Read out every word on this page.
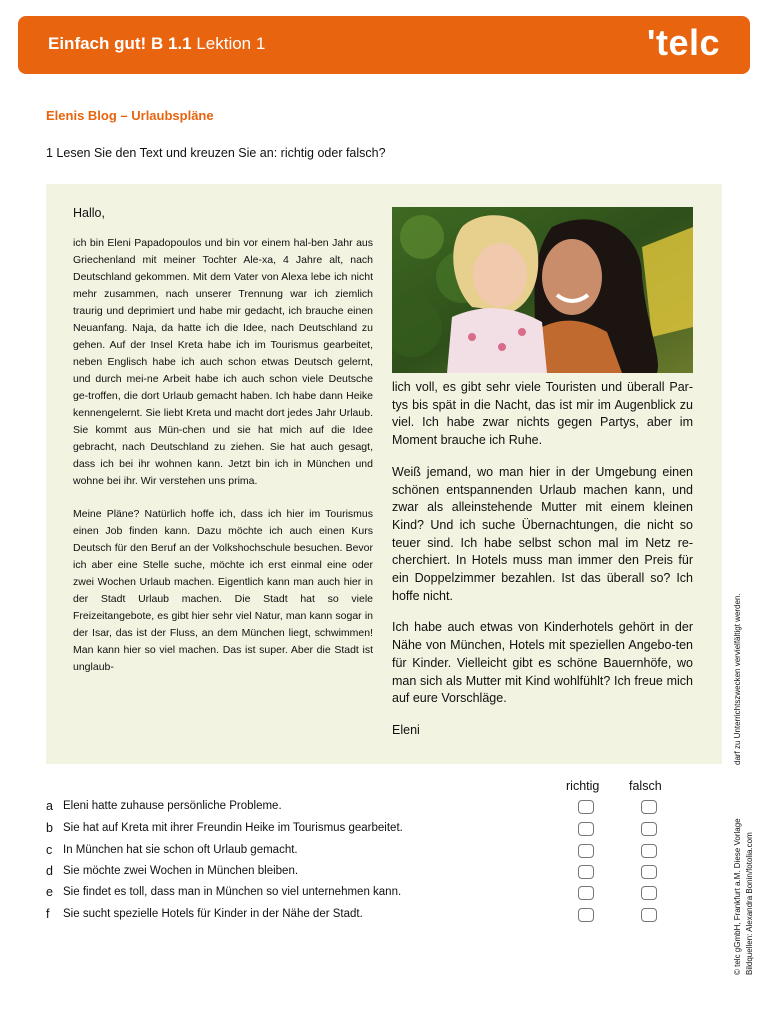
Einfach gut! B 1.1 Lektion 1	'telc
Elenis Blog – Urlaubspläne
1 Lesen Sie den Text und kreuzen Sie an: richtig oder falsch?
Hallo,

ich bin Eleni Papadopoulos und bin vor einem hal-ben Jahr aus Griechenland mit meiner Tochter Ale-xa, 4 Jahre alt, nach Deutschland gekommen. Mit dem Vater von Alexa lebe ich nicht mehr zusammen, nach unserer Trennung war ich ziemlich traurig und deprimiert und habe mir gedacht, ich brauche einen Neuanfang. Naja, da hatte ich die Idee, nach Deutschland zu gehen. Auf der Insel Kreta habe ich im Tourismus gearbeitet, neben Englisch habe ich auch schon etwas Deutsch gelernt, und durch mei-ne Arbeit habe ich auch schon viele Deutsche ge-troffen, die dort Urlaub gemacht haben. Ich habe dann Heike kennengelernt. Sie liebt Kreta und macht dort jedes Jahr Urlaub. Sie kommt aus Mün-chen und sie hat mich auf die Idee gebracht, nach Deutschland zu ziehen. Sie hat auch gesagt, dass ich bei ihr wohnen kann. Jetzt bin ich in München und wohne bei ihr. Wir verstehen uns prima.

Meine Pläne? Natürlich hoffe ich, dass ich hier im Tourismus einen Job finden kann. Dazu möchte ich auch einen Kurs Deutsch für den Beruf an der Volkshochschule besuchen. Bevor ich aber eine Stelle suche, möchte ich erst einmal eine oder zwei Wochen Urlaub machen. Eigentlich kann man auch hier in der Stadt Urlaub machen. Die Stadt hat so viele Freizeitangebote, es gibt hier sehr viel Natur, man kann sogar in der Isar, das ist der Fluss, an dem München liegt, schwimmen! Man kann hier so viel machen. Das ist super. Aber die Stadt ist unglaub-

lich voll, es gibt sehr viele Touristen und überall Par-tys bis spät in die Nacht, das ist mir im Augenblick zu viel. Ich habe zwar nichts gegen Partys, aber im Moment brauche ich Ruhe.

Weiß jemand, wo man hier in der Umgebung einen schönen entspannenden Urlaub machen kann, und zwar als alleinstehende Mutter mit einem kleinen Kind? Und ich suche Übernachtungen, die nicht so teuer sind. Ich habe selbst schon mal im Netz re-cherchiert. In Hotels muss man immer den Preis für ein Doppelzimmer bezahlen. Ist das überall so? Ich hoffe nicht.

Ich habe auch etwas von Kinderhotels gehört in der Nähe von München, Hotels mit speziellen Angebo-ten für Kinder. Vielleicht gibt es schöne Bauernhöfe, wo man sich als Mutter mit Kind wohlfühlt? Ich freue mich auf eure Vorschläge.

Eleni

richtig falsch
a Eleni hatte zuhause persönliche Probleme.
b Sie hat auf Kreta mit ihrer Freundin Heike im Tourismus gearbeitet.
c In München hat sie schon oft Urlaub gemacht.
d Sie möchte zwei Wochen in München bleiben.
e Sie findet es toll, dass man in München so viel unternehmen kann.
f Sie sucht spezielle Hotels für Kinder in der Nähe der Stadt.
darf zu Unterrichtszwecken vervielfältigt werden.
© telc gGmbH, Frankfurt a.M. Diese Vorlage Bildquellen: Alexandra Bonin/fotolia.com
